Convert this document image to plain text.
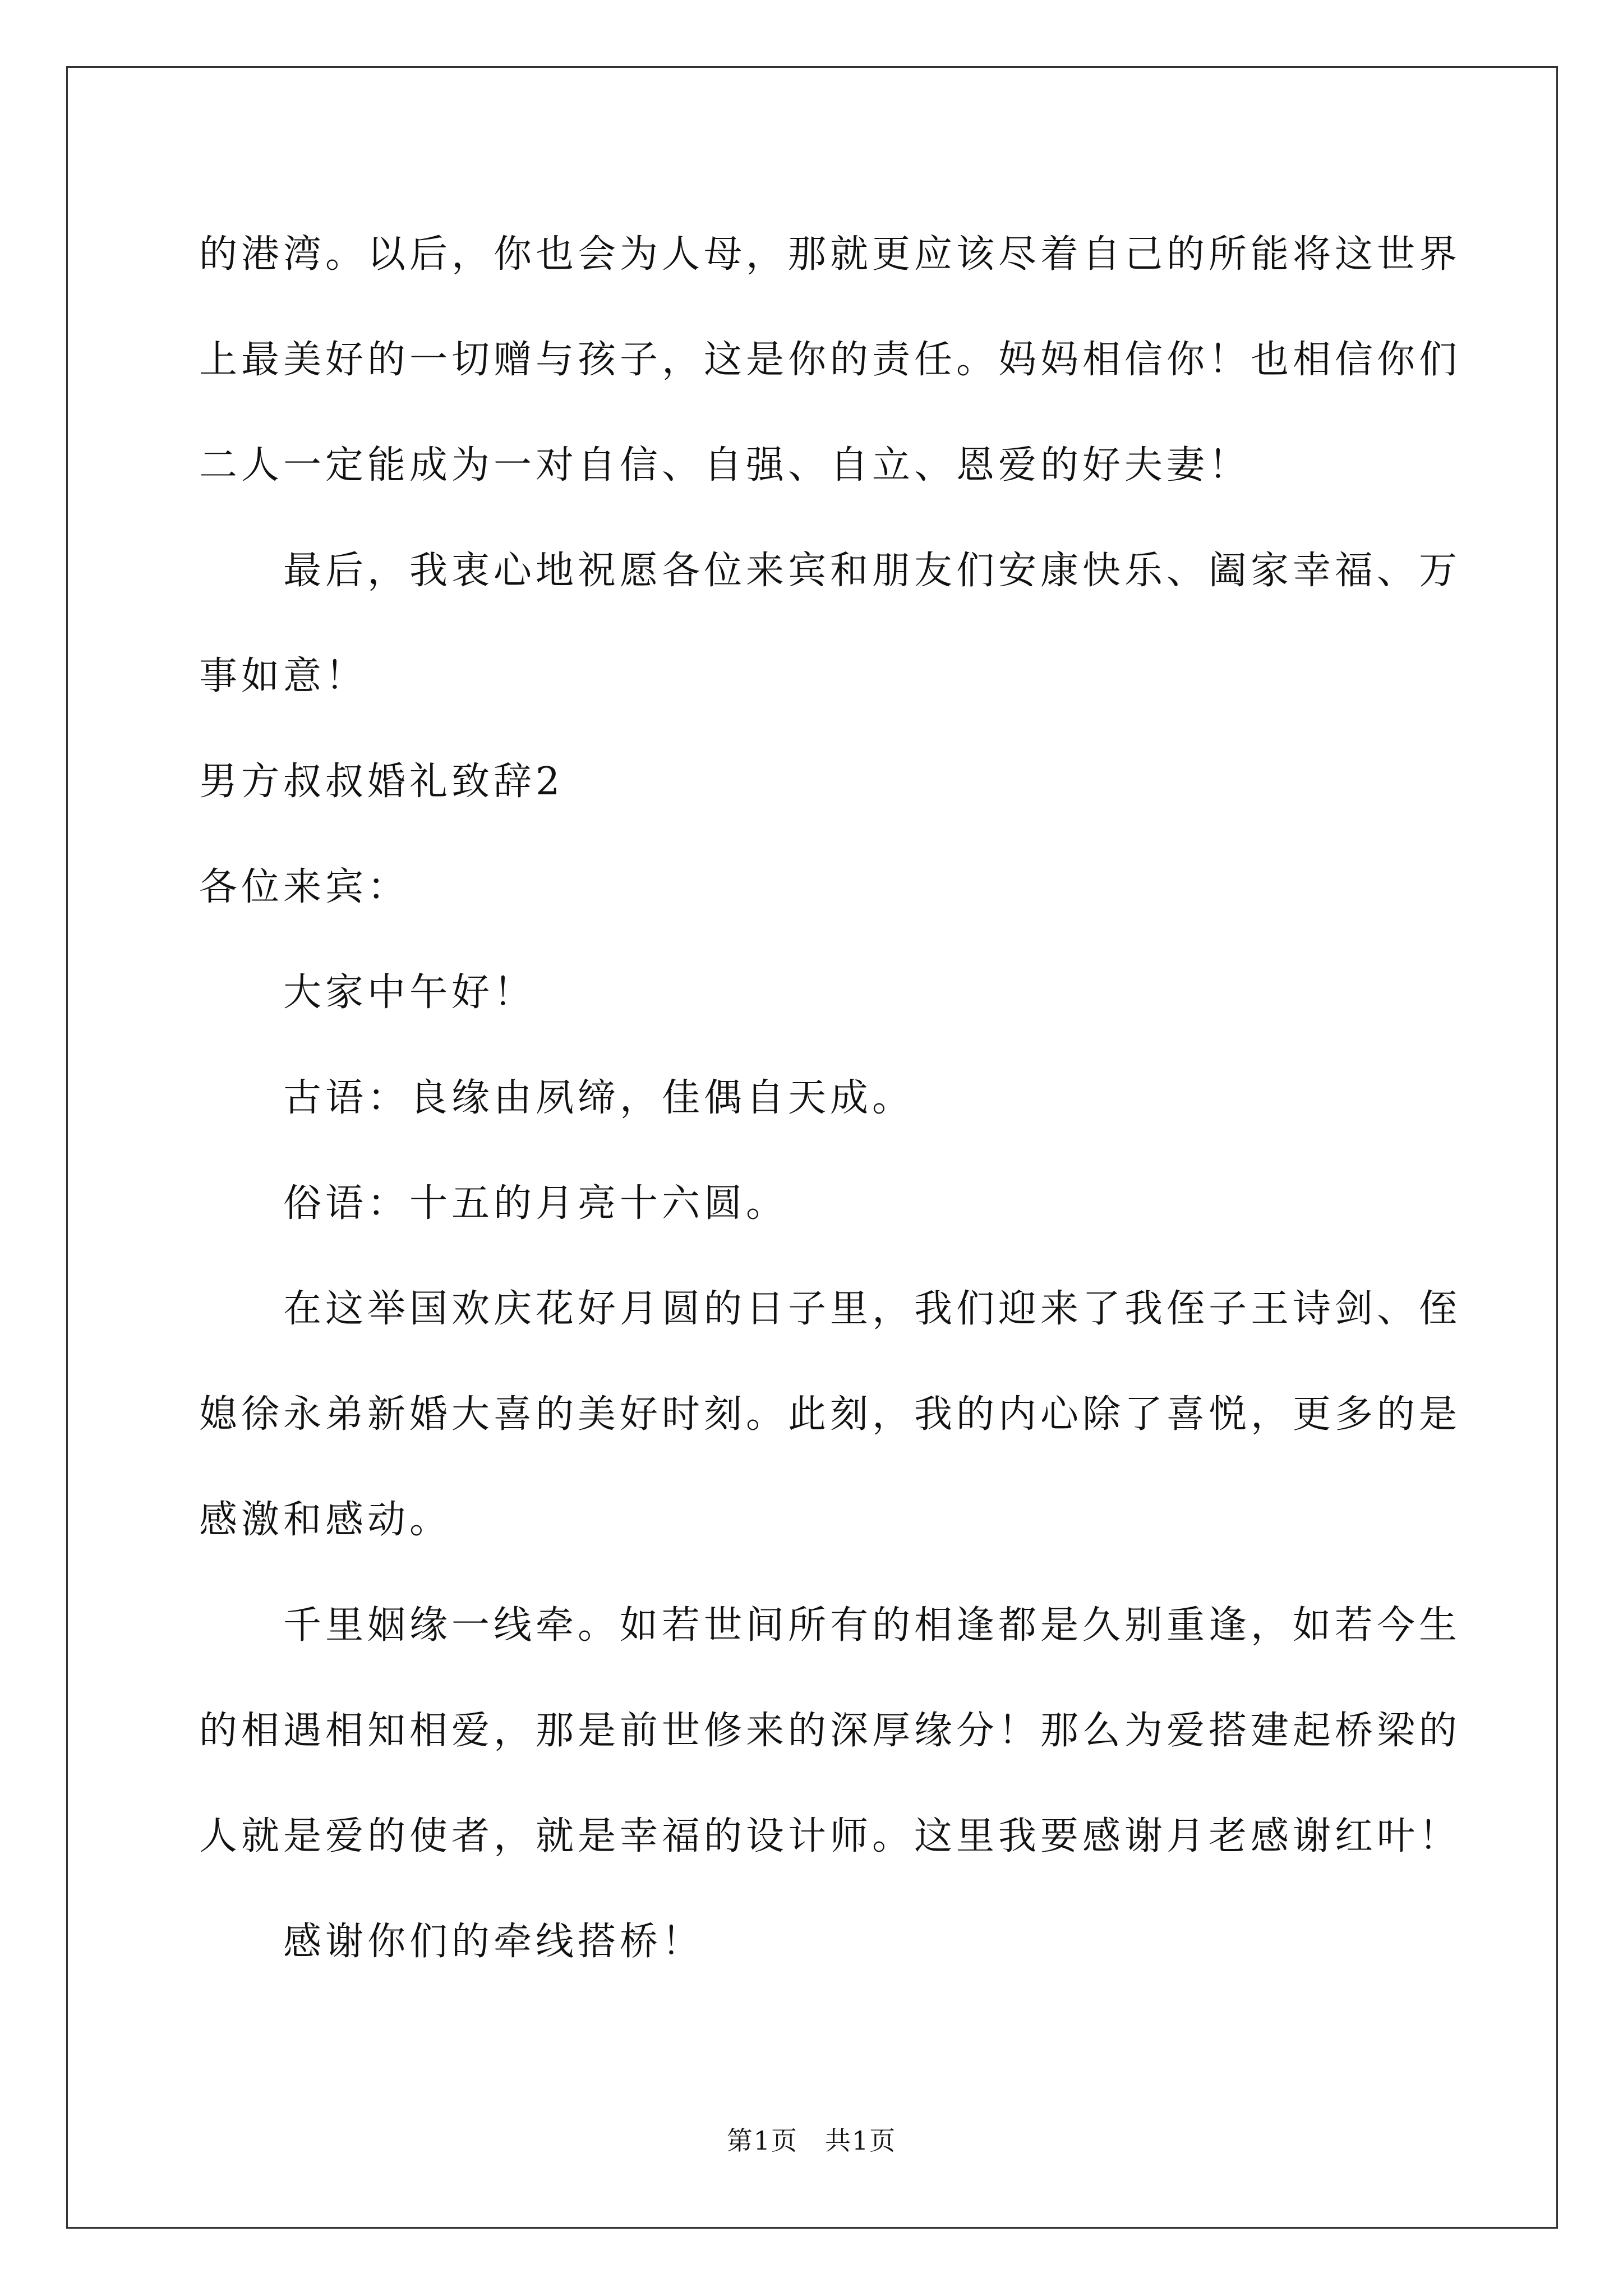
的港湾。以后，你也会为人母，那就更应该尽着自己的所能将这世界
上最美好的一切赠与孩子，这是你的责任。妈妈相信你！也相信你们
二人一定能成为一对自信、自强、自立、恩爱的好夫妻！
最后，我衷心地祝愿各位来宾和朋友们安康快乐、阖家幸福、万
事如意！
男方叔叔婚礼致辞2
各位来宾：
大家中午好！
古语：良缘由夙缔，佳偶自天成。
俗语：十五的月亮十六圆。
在这举国欢庆花好月圆的日子里，我们迎来了我侄子王诗剑、侄
媳徐永弟新婚大喜的美好时刻。此刻，我的内心除了喜悦，更多的是
感激和感动。
千里姻缘一线牵。如若世间所有的相逢都是久别重逢，如若今生
的相遇相知相爱，那是前世修来的深厚缘分！那么为爱搭建起桥梁的
人就是爱的使者，就是幸福的设计师。这里我要感谢月老感谢红叶！
感谢你们的牵线搭桥！
第1页　共1页
